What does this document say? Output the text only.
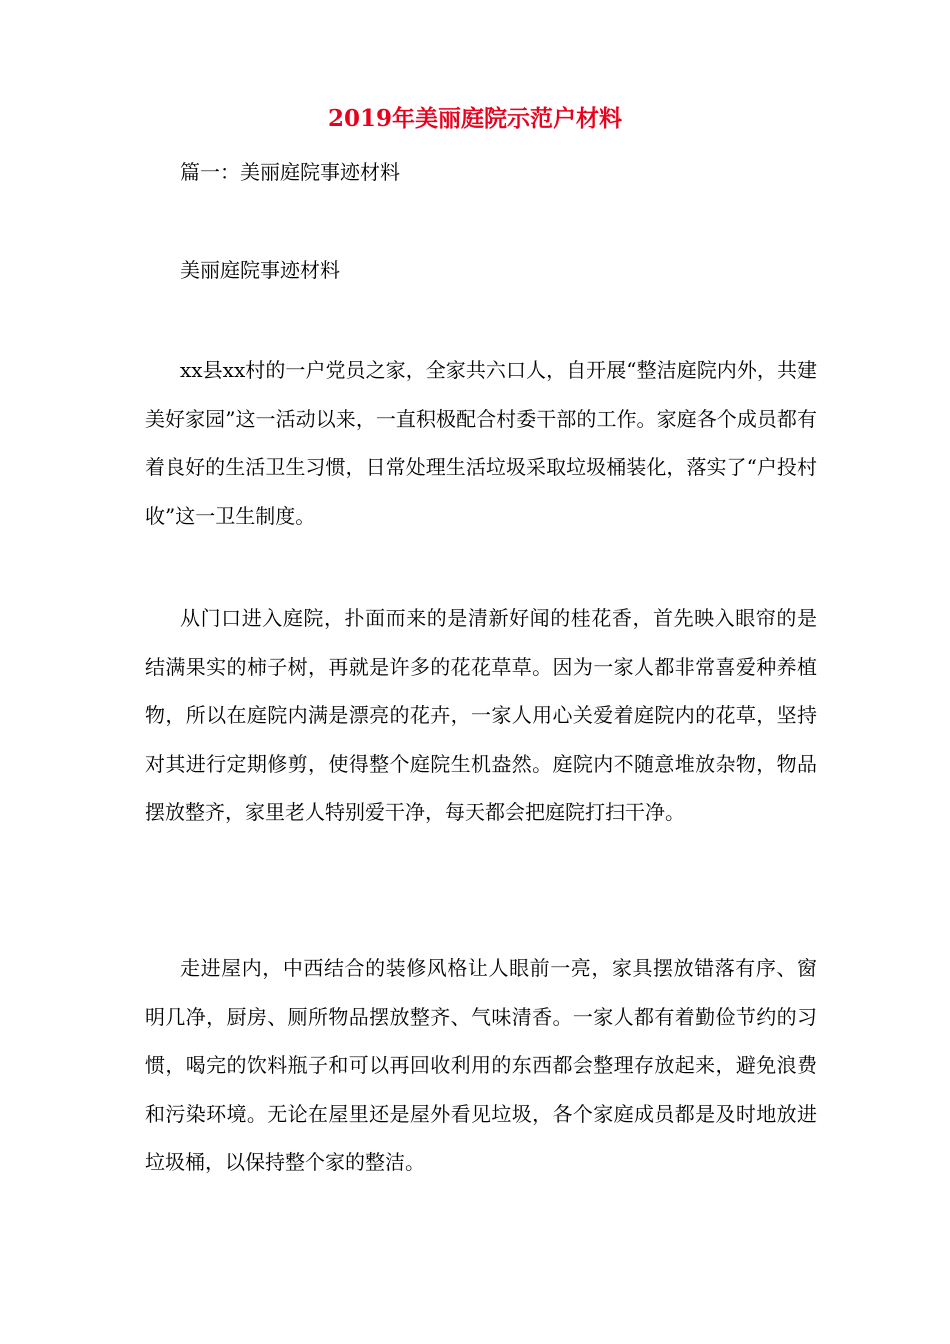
2019年美丽庭院示范户材料
篇一：美丽庭院事迹材料
美丽庭院事迹材料

xx县xx村的一户党员之家，全家共六口人，自开展“整洁庭院内外，共建美好家园”这一活动以来，一直积极配合村委干部的工作。家庭各个成员都有着良好的生活卫生习惯，日常处理生活垃圾采取垃圾桶装化，落实了“户投村收”这一卫生制度。

从门口进入庭院，扑面而来的是清新好闻的桂花香，首先映入眼帘的是结满果实的柿子树，再就是许多的花花草草。因为一家人都非常喜爱种养植物，所以在庭院内满是漂亮的花卉，一家人用心关爱着庭院内的花草，坚持对其进行定期修剪，使得整个庭院生机盎然。庭院内不随意堆放杂物，物品摆放整齐，家里老人特别爱干净，每天都会把庭院打扫干净。

走进屋内，中西结合的装修风格让人眼前一亮，家具摆放错落有序、窗明几净，厨房、厕所物品摆放整齐、气味清香。一家人都有着勤俭节约的习惯，喝完的饮料瓶子和可以再回收利用的东西都会整理存放起来，避免浪费和污染环境。无论在屋里还是屋外看见垃圾，各个家庭成员都是及时地放进垃圾桶，以保持整个家的整洁。
